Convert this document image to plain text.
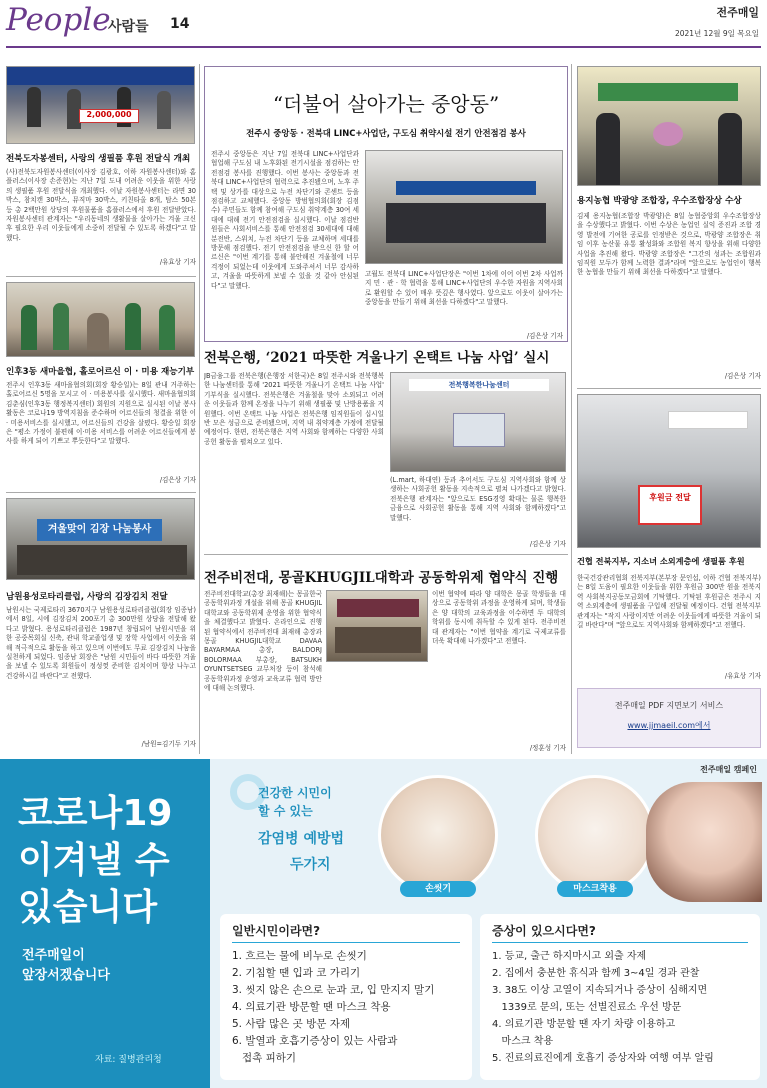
People
사람들 14
전주매일
2021년 12월 9일 목요일
2,000,000
전북도자봉센터, 사랑의 생필품 후원 전달식 개최
(사)전북도자원봉사센터(이사장 김광호, 이하 자원봉사센터)와 홈플러스(이사장 손준현)는 지난 7일 도내 어려운 이웃을 위한 사랑의 생필품 후원 전달식을 개최했다. 이날 자원봉사센터는 라면 30박스, 참치캔 30박스, 뮤직마 30박스, 키친타올 8개, 탐스 50본 등 총 2백만원 상당의 후원물품을 홈플러스에서 후원 전달받았다. 자원봉사센터 관계자는 "우리동네의 생활물을 살아가는 겨울 크신 후 필요한 우리 이웃들에게 소중히 전달될 수 있도록 하겠다"고 말했다.
/유효상 기자
인후3동 새마을협, 홀로어르신 이 · 미용 재능기부
전주시 인후3동 새마을협의회(회장 황승일)는 8일 관내 거주하는 홀로어르신 5명을 모시고 이 · 미용봉사를 실시했다. 새마을협의회 김춘심(인후3동 행정복지센터) 회원의 지원으로 실시된 이날 봉사활동은 코로나19 방역지침을 준수하며 어르신들의 청결을 위한 이 · 미용서비스를 실시했고, 어르신들의 건강을 살폈다. 황승일 회장은 "평소 가정이 불편해 이·미용 서비스를 어려운 어르신들에게 봉사를 하게 되어 기쁘고 뿌듯한다"고 말했다.
/김은상 기자
겨울맞이 김장 나눔봉사
남원용성로타리클럽, 사랑의 김장김치 전달
남원시는 국제로타리 3670지구 남원용성로타리클럽(회장 임종남)에서 8일, 시에 김장김치 200포기 총 300만원 상당을 전달해 왔다고 밝혔다. 용성로타리클럽은 1987년 창립되어 남원시민을 위한 공중목회실 신축, 관내 학교졸업생 및 장학 사업에서 이웃을 위해 적극적으로 활동을 하고 있으며 이번에도 무료 김장김치 나눔을 실천하게 되었다. 임종남 회장은 "남원 시민들이 바다 따뜻한 겨울을 보낼 수 있도록 회원들이 정성껏 준비한 김치이며 향상 나누고 건강하시길 바란다"고 전했다.
/남원=김기두 기자
“더불어 살아가는 중앙동”
전주시 중앙동 · 전북대 LINC+사업단, 구도심 취약시설 전기 안전점검 봉사
전주시 중앙동은 지난 7일 전북대 LINC+사업단과 협업해 구도심 내 노후화된 전기시설을 점검하는 안전점검 봉사를 진행했다. 이번 봉사는 중앙동과 전북대 LINC+사업단의 협력으로 추진됐으며, 노후 주택 및 상가를 대상으로 누전 차단기와 콘센트 등을 점검하고 교체했다. 중앙동 방범협의회(회장 김점수) 주민들도 함께 참여해 구도심 취약계층 30여 세대에 대해 전기 안전점검을 실시했다. 이날 점검반원들은 사회서비스를 통해 안전점검 30세대에 대해 분전반, 스위치, 누전 차단기 등을 교체하며 세대를 방문해 점검했다. 전기 안전점검을 받으신 한 할 어르신은 "이번 계기를 통해 불안해진 겨울철에 너무 걱정이 되었는데 이웃에게 도와주셔서 너무 감사하고, 겨울을 따뜻하게 보낼 수 있을 것 같아 안심된다"고 말했다.
고월도 전북대 LINC+사업단장은 "이번 1차에 이어 이번 2차 사업까지 민 · 관 · 학 협력을 통해 LINC+사업단의 우수한 자원을 지역사회로 환원할 수 있어 매우 뜻깊은 행사였다. 앞으로도 이웃이 살아가는 중앙동을 만들기 위해 최선을 다하겠다"고 말했다.
/김은상 기자
전북은행, ‘2021 따뜻한 겨울나기 온택트 나눔 사업’ 실시
JB금융그룹 전북은행(은행장 서한국)은 8일 전주시와 전북행복한 나눔센터를 통해 '2021 따뜻한 겨울나기 온택트 나눔 사업' 기부식을 실시했다. 전북은행은 겨울철을 맞아 소외되고 어려운 이웃들과 함께 온정을 나누기 위해 생필품 및 난방용품을 지원했다. 이번 온택트 나눔 사업은 전북은행 임직원들이 십시일반 모은 성금으로 준비됐으며, 지역 내 취약계층 가정에 전달될 예정이다. 한편, 전북은행은 지역 사회와 함께하는 다양한 사회공헌 활동을 펼쳐오고 있다.
전북행복한나눔센터
(L.mart, 하대연) 등과 추어서도 구도심 지역사회와 함께 상생하는 사회공헌 활동을 지속적으로 펼쳐 나가겠다고 밝혔다. 전북은행 관계자는 "앞으로도 ESG경영 확대는 물론 행복한 금융으로 사회공헌 활동을 통해 지역 사회와 함께하겠다"고 말했다.
/김은상 기자
전주비전대, 몽골KHUGJIL대학과 공동학위제 협약식 진행
전주비전대학교(총장 최재해)는 몽골한국 공동학위과정 개설을 위해 몽골 KHUGJIL대학교와 공동학위제 운영을 위한 협약식을 체결했다고 밝혔다. 온라인으로 진행된 협약식에서 전주비전대 최재해 총장과 몽골 KHUGJIL대학교 DAVAA BAYARMAA 총장, BALDORJ BOLORMAA 부총장, BATSUKH OYUNTSETSEG 교무처장 등이 참석해 공동학위과정 운영과 교육교류 협력 방안에 대해 논의했다.
이번 협약에 따라 양 대학은 몽골 학생들을 대상으로 공동학위 과정을 운영하게 되며, 학생들은 양 대학의 교육과정을 이수하면 두 대학의 학위를 동시에 취득할 수 있게 된다. 전주비전대 관계자는 "이번 협약을 계기로 국제교류를 더욱 확대해 나가겠다"고 전했다.
/정훈성 기자
용지농협 박광양 조합장, 우수조합장상 수상
김제 용지농협(조합장 박광양)은 8일 농협중앙회 우수조합장상을 수상했다고 밝혔다. 이번 수상은 농업인 실익 증진과 조합 경영 발전에 기여한 공로를 인정받은 것으로, 박광양 조합장은 취임 이후 농산물 유통 활성화와 조합원 복지 향상을 위해 다양한 사업을 추진해 왔다. 박광양 조합장은 "그간의 성과는 조합원과 임직원 모두가 함께 노력한 결과"라며 "앞으로도 농업인이 행복한 농협을 만들기 위해 최선을 다하겠다"고 말했다.
/김은상 기자
후원금 전달
건협 전북지부, 지소녀 소외계층에 생필품 후원
한국건강관리협회 전북지부(본부장 문인섭, 이하 건협 전북지부)는 8일 도움이 필요한 이웃들을 위한 후원금 300만 원을 전북지역 사회복지공동모금회에 기탁했다. 기탁된 후원금은 전주시 지역 소외계층에 생필품을 구입해 전달될 예정이다. 건협 전북지부 관계자는 "작지 사랑이지만 어려운 이웃들에게 따뜻한 겨울이 되길 바란다"며 "앞으로도 지역사회와 함께하겠다"고 전했다.
/유효상 기자
전주매일 PDF 지면보기 서비스
www.jjmaeil.com에서
코로나19
이겨낼 수
있습니다
전주매일이
앞장서겠습니다
자료: 질병관리청
전주매일 캠페인
건강한 시민이
할 수 있는
감염병 예방법
두가지
손씻기	마스크착용
일반시민이라면?
1. 흐르는 물에 비누로 손씻기
2. 기침할 땐 입과 코 가리기
3. 씻지 않은 손으로 눈과 코, 입 만지지 말기
4. 의료기관 방문할 땐 마스크 착용
5. 사람 많은 곳 방문 자제
6. 발열과 호흡기증상이 있는 사람과
접촉 피하기
증상이 있으시다면?
1. 등교, 출근 하지마시고 외출 자제
2. 집에서 충분한 휴식과 함께 3~4일 경과 관찰
3. 38도 이상 고열이 지속되거나 증상이 심해지면
1339로 문의, 또는 선별진료소 우선 방문
4. 의료기관 방문할 땐 자기 차량 이용하고
마스크 착용
5. 진료의료진에게 호흡기 증상자와 여행 여부 알림
